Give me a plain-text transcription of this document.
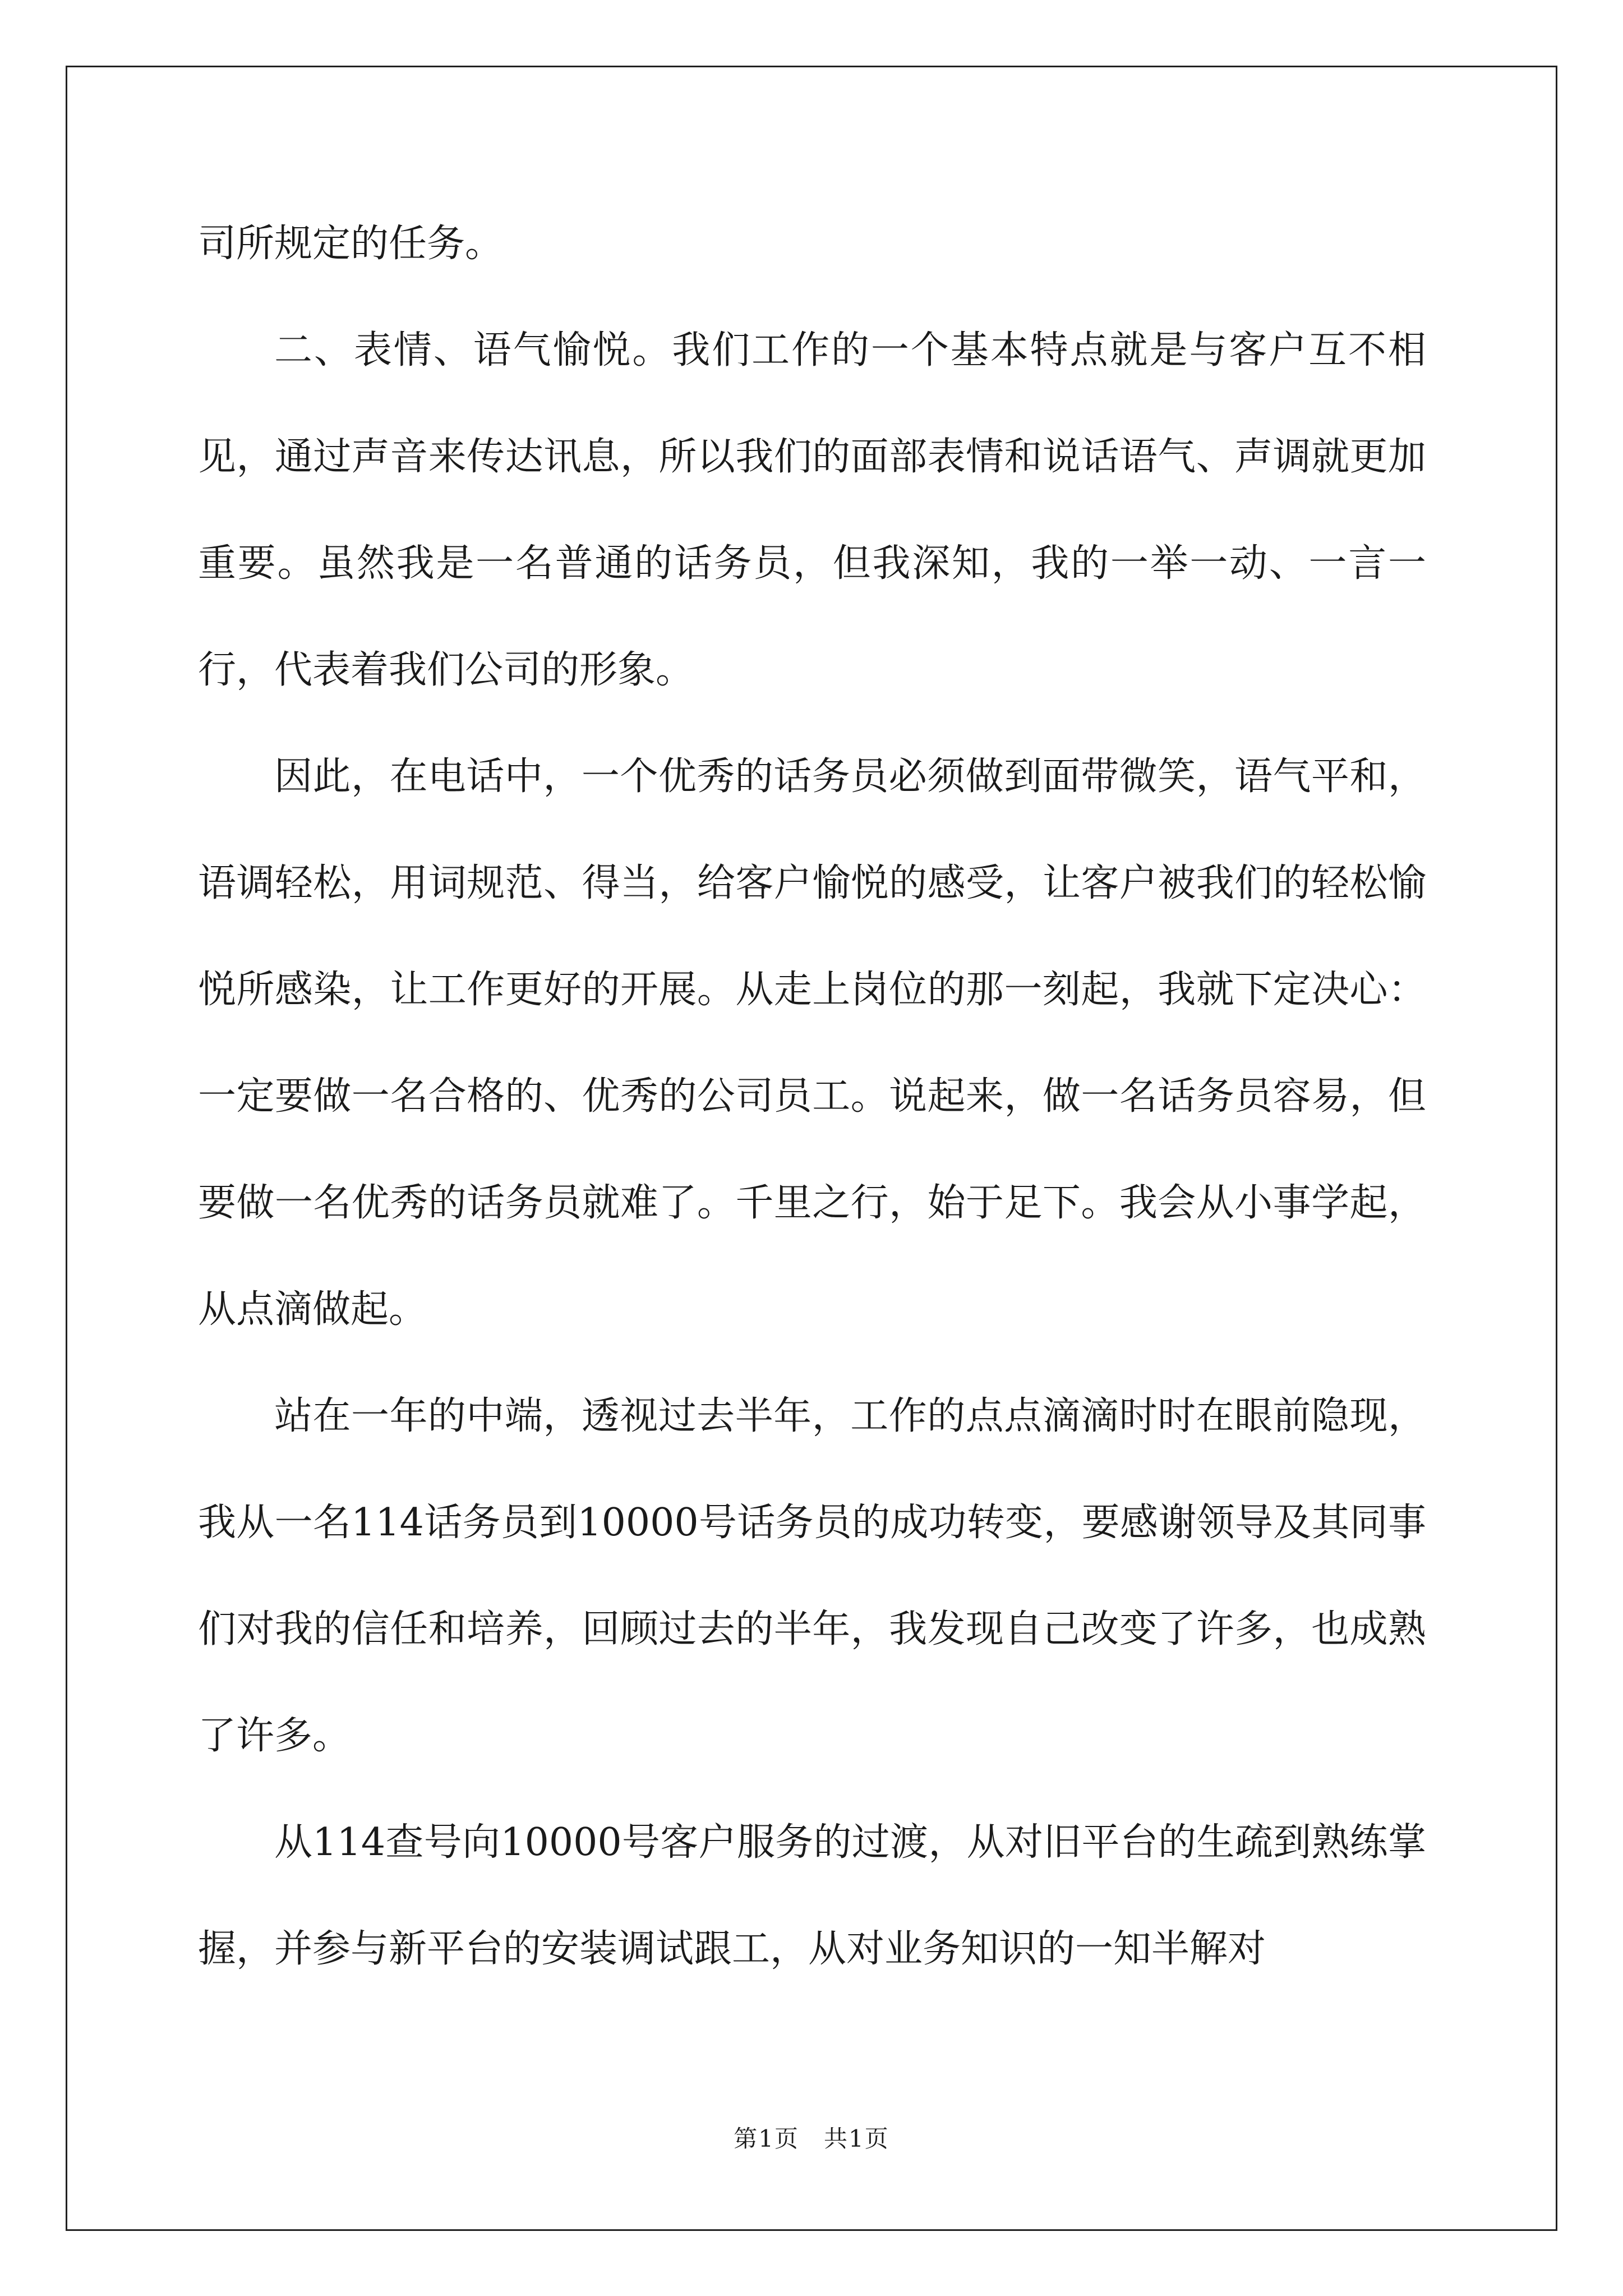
司所规定的任务。

二、表情、语气愉悦。我们工作的一个基本特点就是与客户互不相见，通过声音来传达讯息，所以我们的面部表情和说话语气、声调就更加重要。虽然我是一名普通的话务员，但我深知，我的一举一动、一言一行，代表着我们公司的形象。

因此，在电话中，一个优秀的话务员必须做到面带微笑，语气平和，语调轻松，用词规范、得当，给客户愉悦的感受，让客户被我们的轻松愉悦所感染，让工作更好的开展。从走上岗位的那一刻起，我就下定决心：一定要做一名合格的、优秀的公司员工。说起来，做一名话务员容易，但要做一名优秀的话务员就难了。千里之行，始于足下。我会从小事学起，从点滴做起。

站在一年的中端，透视过去半年，工作的点点滴滴时时在眼前隐现，我从一名114话务员到10000号话务员的成功转变，要感谢领导及其同事们对我的信任和培养，回顾过去的半年，我发现自己改变了许多，也成熟了许多。

从114查号向10000号客户服务的过渡，从对旧平台的生疏到熟练掌握，并参与新平台的安装调试跟工，从对业务知识的一知半解对

第1页　共1页
